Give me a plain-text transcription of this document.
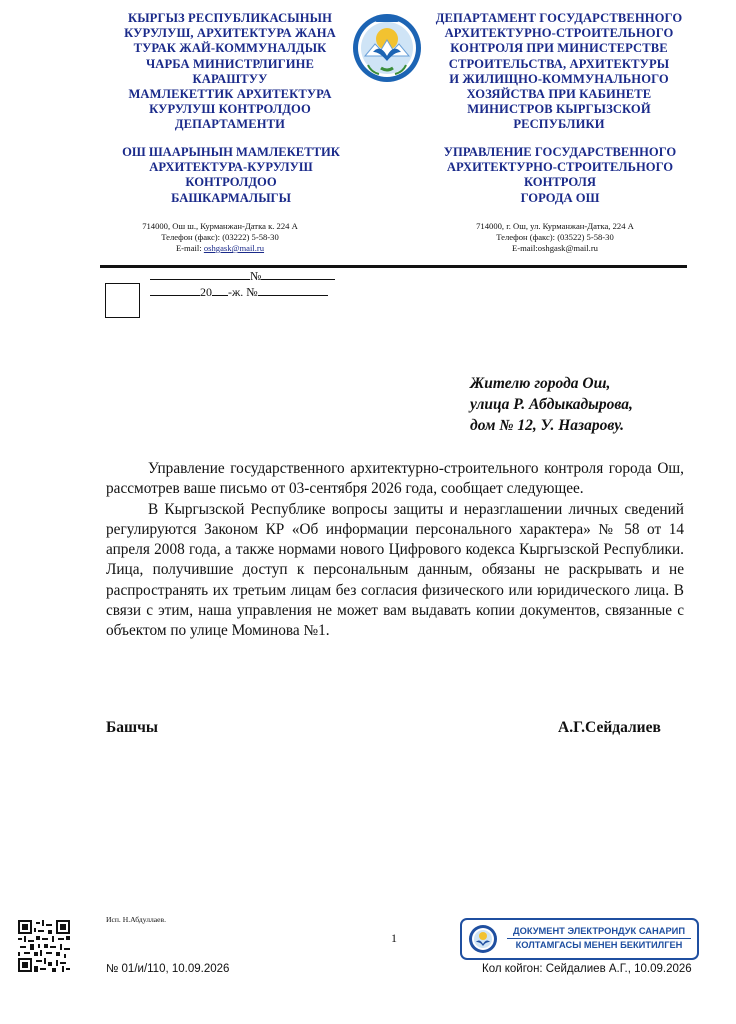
КЫРГЫЗ РЕСПУБЛИКАСЫНЫН
КУРУЛУШ, АРХИТЕКТУРА ЖАНА
ТУРАК ЖАЙ-КОММУНАЛДЫК
ЧАРБА МИНИСТРЛИГИНЕ
КАРАШТУУ
МАМЛЕКЕТТИК АРХИТЕКТУРА
КУРУЛУШ КОНТРОЛДОО
ДЕПАРТАМЕНТИ
КЫРГЫЗСТАН
ДЕПАРТАМЕНТ ГОСУДАРСТВЕННОГО
АРХИТЕКТУРНО-СТРОИТЕЛЬНОГО
КОНТРОЛЯ ПРИ МИНИСТЕРСТВЕ
СТРОИТЕЛЬСТВА, АРХИТЕКТУРЫ
И ЖИЛИЩНО-КОММУНАЛЬНОГО
ХОЗЯЙСТВА ПРИ КАБИНЕТЕ
МИНИСТРОВ КЫРГЫЗСКОЙ
РЕСПУБЛИКИ
ОШ ШААРЫНЫН МАМЛЕКЕТТИК
АРХИТЕКТУРА-КУРУЛУШ
КОНТРОЛДОО
БАШКАРМАЛЫГЫ
УПРАВЛЕНИЕ ГОСУДАРСТВЕННОГО
АРХИТЕКТУРНО-СТРОИТЕЛЬНОГО
КОНТРОЛЯ
ГОРОДА ОШ
714000, Ош ш., Курманжан-Датка к. 224 А
Телефон (факс): (03222) 5-58-30
E-mail: oshgask@mail.ru
714000, г. Ош, ул. Курманжан-Датка, 224 А
Телефон (факс): (03522) 5-58-30
E-mail:oshgask@mail.ru
№
20 -ж. №
Жителю города Ош,
улица Р. Абдыкадырова,
дом № 12, У. Назарову.

Управление государственного архитектурно-строительного контроля города Ош, рассмотрев ваше письмо от 03-сентября 2026 года, сообщает следующее.

В Кыргызской Республике вопросы защиты и неразглашении личных сведений регулируются Законом КР «Об информации персонального характера» № 58 от 14 апреля 2008 года, а также нормами нового Цифрового кодекса Кыргызской Республики. Лица, получившие доступ к персональным данным, обязаны не раскрывать и не распространять их третьим лицам без согласия физического или юридического лица. В связи с этим, наша управления не может вам выдавать копии документов, связанные с объектом по улице Моминова №1.

Башчы	А.Г.Сейдалиев
Исп. Н.Абдуллаев.
1	ДОКУМЕНТ ЭЛЕКТРОНДУК САНАРИП
КОЛТАМГАСЫ МЕНЕН БЕКИТИЛГЕН
№ 01/и/110, 10.09.2026	Кол койгон: Сейдалиев А.Г., 10.09.2026
